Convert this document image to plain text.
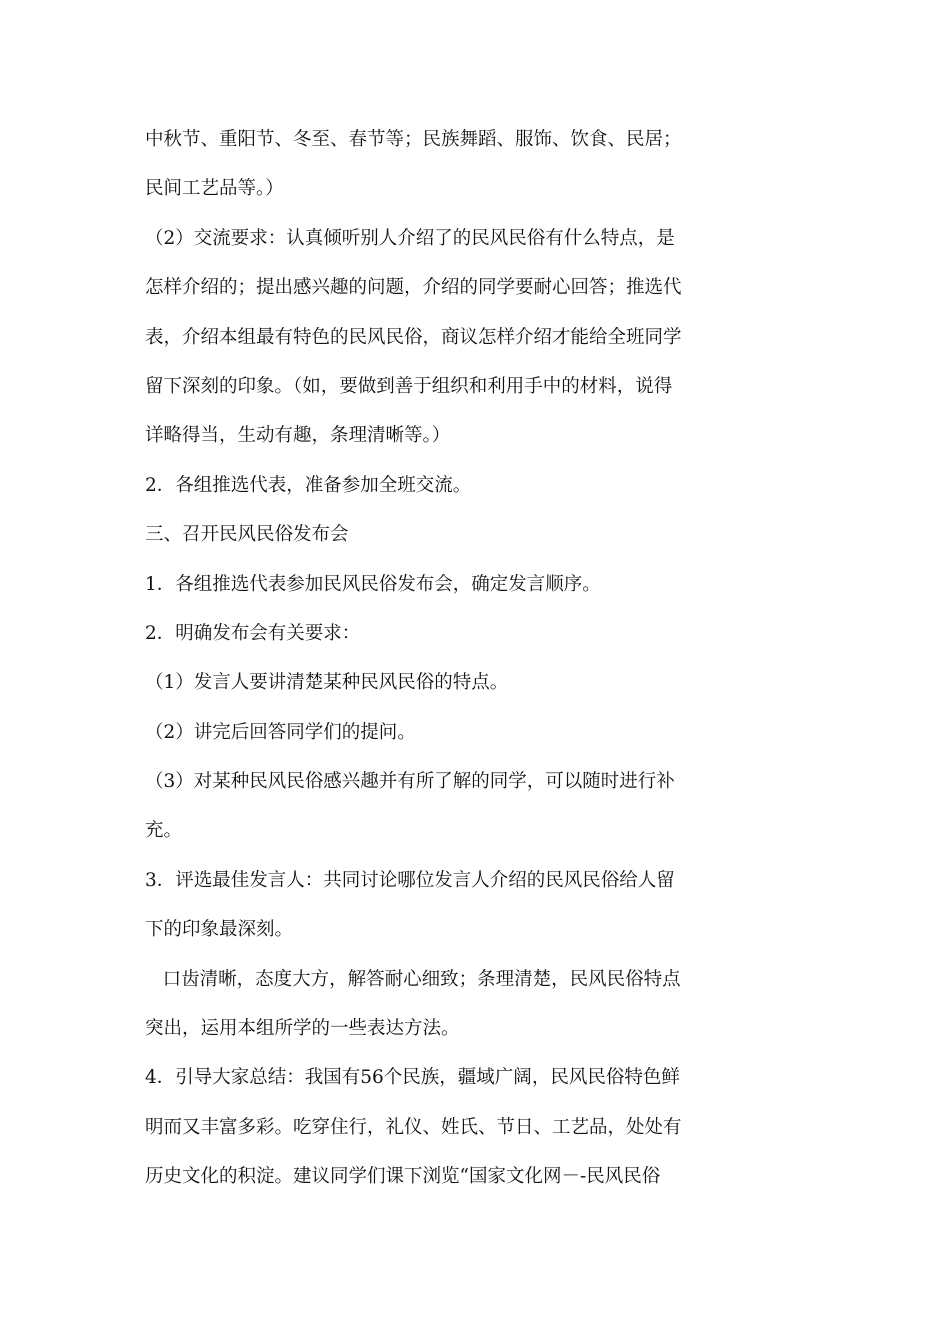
中秋节、重阳节、冬至、春节等；民族舞蹈、服饰、饮食、民居；
民间工艺品等。）
（2）交流要求：认真倾听别人介绍了的民风民俗有什么特点，是
怎样介绍的；提出感兴趣的问题，介绍的同学要耐心回答；推选代
表，介绍本组最有特色的民风民俗，商议怎样介绍才能给全班同学
留下深刻的印象。（如，要做到善于组织和利用手中的材料，说得
详略得当，生动有趣，条理清晰等。）
2．各组推选代表，准备参加全班交流。
三、召开民风民俗发布会
1．各组推选代表参加民风民俗发布会，确定发言顺序。
2．明确发布会有关要求：
（1）发言人要讲清楚某种民风民俗的特点。
（2）讲完后回答同学们的提问。
（3）对某种民风民俗感兴趣并有所了解的同学，可以随时进行补
充。
3．评选最佳发言人：共同讨论哪位发言人介绍的民风民俗给人留
下的印象最深刻。
口齿清晰，态度大方，解答耐心细致；条理清楚，民风民俗特点
突出，运用本组所学的一些表达方法。
4．引导大家总结：我国有56个民族，疆域广阔，民风民俗特色鲜
明而又丰富多彩。吃穿住行，礼仪、姓氏、节日、工艺品，处处有
历史文化的积淀。建议同学们课下浏览“国家文化网－-民风民俗
